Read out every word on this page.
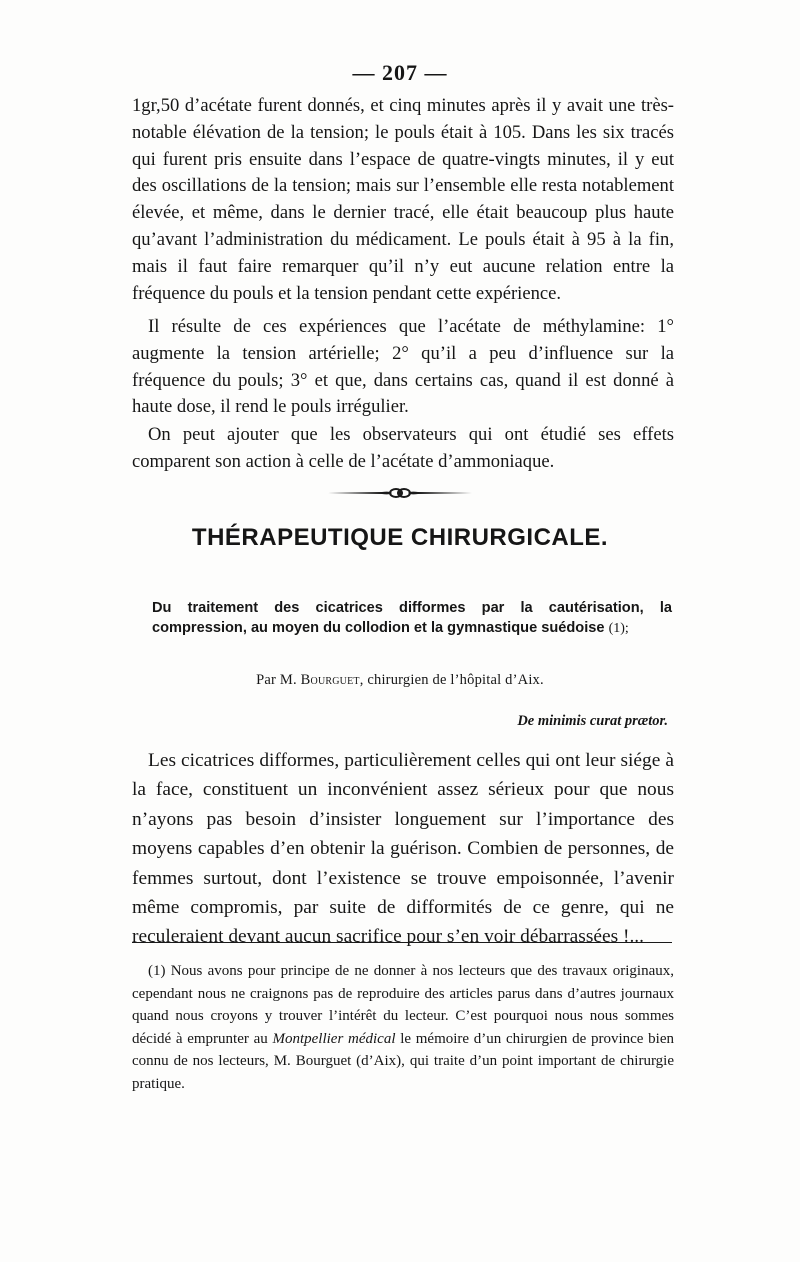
— 207 —

1gr,50 d’acétate furent donnés, et cinq minutes après il y avait une très-notable élévation de la tension; le pouls était à 105. Dans les six tracés qui furent pris ensuite dans l’espace de quatre-vingts minutes, il y eut des oscillations de la tension; mais sur l’ensemble elle resta notablement élevée, et même, dans le dernier tracé, elle était beaucoup plus haute qu’avant l’administration du médicament. Le pouls était à 95 à la fin, mais il faut faire remarquer qu’il n’y eut aucune relation entre la fréquence du pouls et la tension pendant cette expérience.

Il résulte de ces expériences que l’acétate de méthylamine: 1° augmente la tension artérielle; 2° qu’il a peu d’influence sur la fréquence du pouls; 3° et que, dans certains cas, quand il est donné à haute dose, il rend le pouls irrégulier.

On peut ajouter que les observateurs qui ont étudié ses effets comparent son action à celle de l’acétate d’ammoniaque.

THÉRAPEUTIQUE CHIRURGICALE.
Du traitement des cicatrices difformes par la cautérisation, la compression, au moyen du collodion et la gymnastique suédoise (1);
Par M. Bourguet, chirurgien de l’hôpital d’Aix.
De minimis curat prætor.

Les cicatrices difformes, particulièrement celles qui ont leur siége à la face, constituent un inconvénient assez sérieux pour que nous n’ayons pas besoin d’insister longuement sur l’importance des moyens capables d’en obtenir la guérison. Combien de personnes, de femmes surtout, dont l’existence se trouve empoisonnée, l’avenir même compromis, par suite de difformités de ce genre, qui ne reculeraient devant aucun sacrifice pour s’en voir débarrassées !...

(1) Nous avons pour principe de ne donner à nos lecteurs que des travaux originaux, cependant nous ne craignons pas de reproduire des articles parus dans d’autres journaux quand nous croyons y trouver l’intérêt du lecteur. C’est pourquoi nous nous sommes décidé à emprunter au Montpellier médical le mémoire d’un chirurgien de province bien connu de nos lecteurs, M. Bourguet (d’Aix), qui traite d’un point important de chirurgie pratique.
